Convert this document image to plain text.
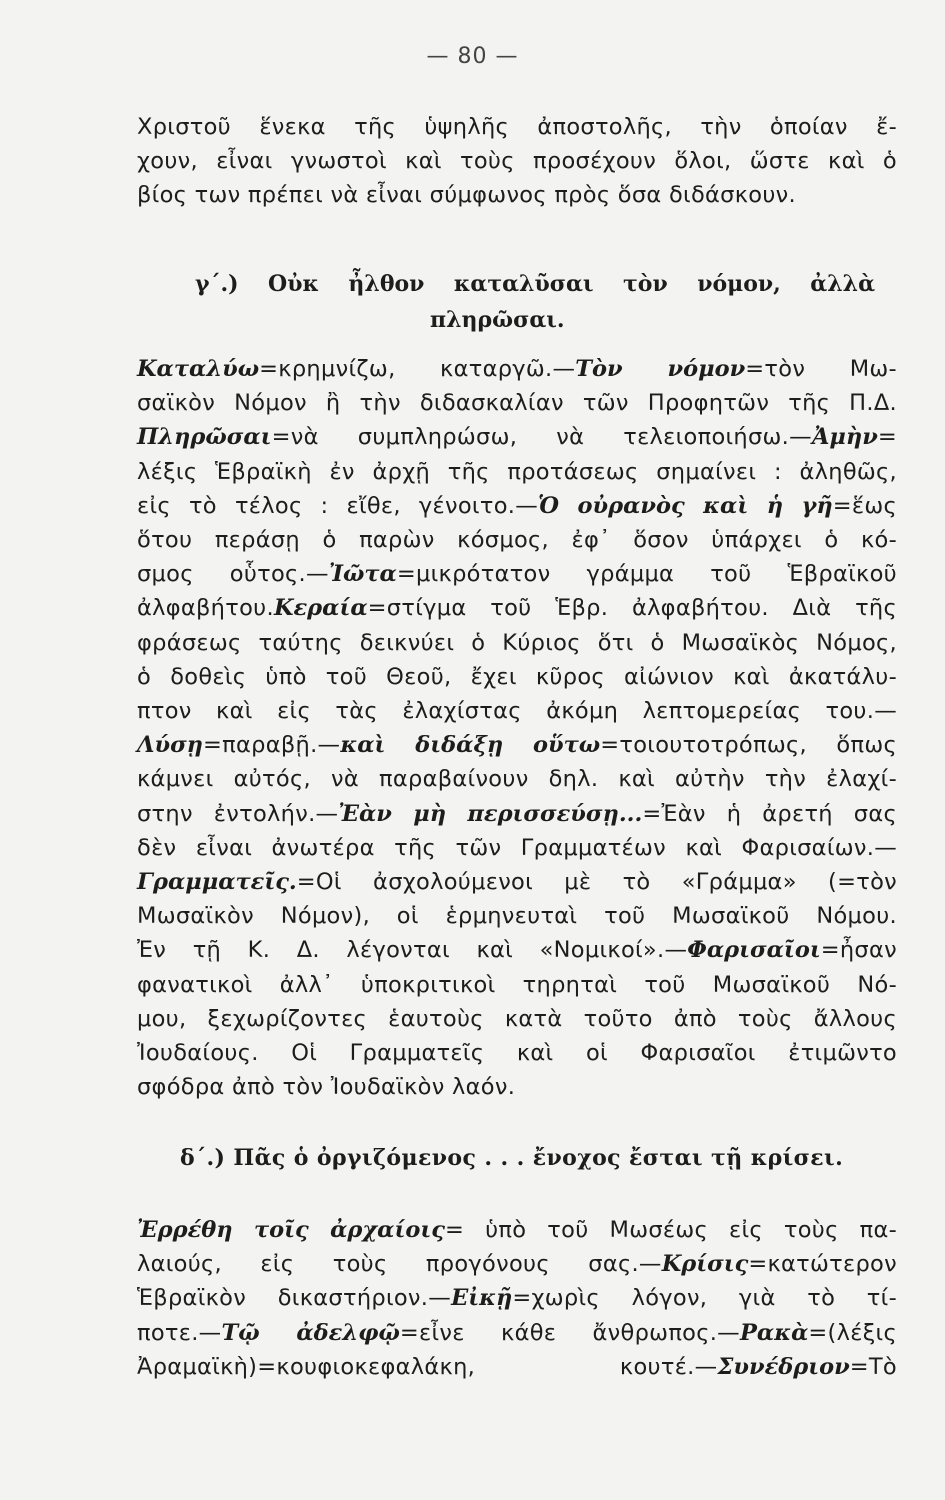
— 80 —
Χριστοῦ ἕνεκα τῆς ὑψηλῆς ἀποστολῆς, τὴν ὁποίαν ἔ-
χουν, εἶναι γνωστοὶ καὶ τοὺς προσέχουν ὅλοι, ὥστε καὶ ὁ
βίος των πρέπει νὰ εἶναι σύμφωνος πρὸς ὅσα διδάσκουν.
γ΄.) Οὐκ ἦλθον καταλῦσαι τὸν νόμον, ἀλλὰ
πληρῶσαι.
Καταλύω=κρημνίζω, καταργῶ.—Τὸν νόμον=τὸν Μω-
σαϊκὸν Νόμον ἢ τὴν διδασκαλίαν τῶν Προφητῶν τῆς Π.Δ.
Πληρῶσαι=νὰ συμπληρώσω, νὰ τελειοποιήσω.—Ἀμὴν=
λέξις Ἑβραϊκὴ ἐν ἀρχῇ τῆς προτάσεως σημαίνει : ἀληθῶς,
εἰς τὸ τέλος : εἴθε, γένοιτο.—Ὁ οὐρανὸς καὶ ἡ γῆ=ἕως
ὅτου περάσῃ ὁ παρὼν κόσμος, ἐφ᾽ ὅσον ὑπάρχει ὁ κό-
σμος οὗτος.—Ἰῶτα=μικρότατον γράμμα τοῦ Ἑβραϊκοῦ
ἀλφαβήτου.Κεραία=στίγμα τοῦ Ἑβρ. ἀλφαβήτου. Διὰ τῆς
φράσεως ταύτης δεικνύει ὁ Κύριος ὅτι ὁ Μωσαϊκὸς Νόμος,
ὁ δοθεὶς ὑπὸ τοῦ Θεοῦ, ἔχει κῦρος αἰώνιον καὶ ἀκατάλυ-
πτον καὶ εἰς τὰς ἐλαχίστας ἀκόμη λεπτομερείας του.—
Λύσῃ=παραβῇ.—καὶ διδάξῃ οὕτω=τοιουτοτρόπως, ὅπως
κάμνει αὐτός, νὰ παραβαίνουν δηλ. καὶ αὐτὴν τὴν ἐλαχί-
στην ἐντολήν.—Ἐὰν μὴ περισσεύσῃ...=Ἐὰν ἡ ἀρετή σας
δὲν εἶναι ἀνωτέρα τῆς τῶν Γραμματέων καὶ Φαρισαίων.—
Γραμματεῖς.=Οἱ ἀσχολούμενοι μὲ τὸ «Γράμμα» (=τὸν
Μωσαϊκὸν Νόμον), οἱ ἑρμηνευταὶ τοῦ Μωσαϊκοῦ Νόμου.
Ἐν τῇ Κ. Δ. λέγονται καὶ «Νομικοί».—Φαρισαῖοι=ἦσαν
φανατικοὶ ἀλλ᾽ ὑποκριτικοὶ τηρηταὶ τοῦ Μωσαϊκοῦ Νό-
μου, ξεχωρίζοντες ἑαυτοὺς κατὰ τοῦτο ἀπὸ τοὺς ἄλλους
Ἰουδαίους. Οἱ Γραμματεῖς καὶ οἱ Φαρισαῖοι ἐτιμῶντο
σφόδρα ἀπὸ τὸν Ἰουδαϊκὸν λαόν.
δ΄.) Πᾶς ὁ ὀργιζόμενος . . . ἔνοχος ἔσται τῇ κρίσει.
Ἐρρέθη τοῖς ἀρχαίοις= ὑπὸ τοῦ Μωσέως εἰς τοὺς πα-
λαιούς, εἰς τοὺς προγόνους σας.—Κρίσις=κατώτερον
Ἑβραϊκὸν δικαστήριον.—Εἰκῇ=χωρὶς λόγον, γιὰ τὸ τί-
ποτε.—Τῷ ἀδελφῷ=εἶνε κάθε ἄνθρωπος.—Ρακὰ=(λέξις
Ἀραμαϊκὴ)=κουφιοκεφαλάκη, κουτέ.—Συνέδριον=Τὸ
